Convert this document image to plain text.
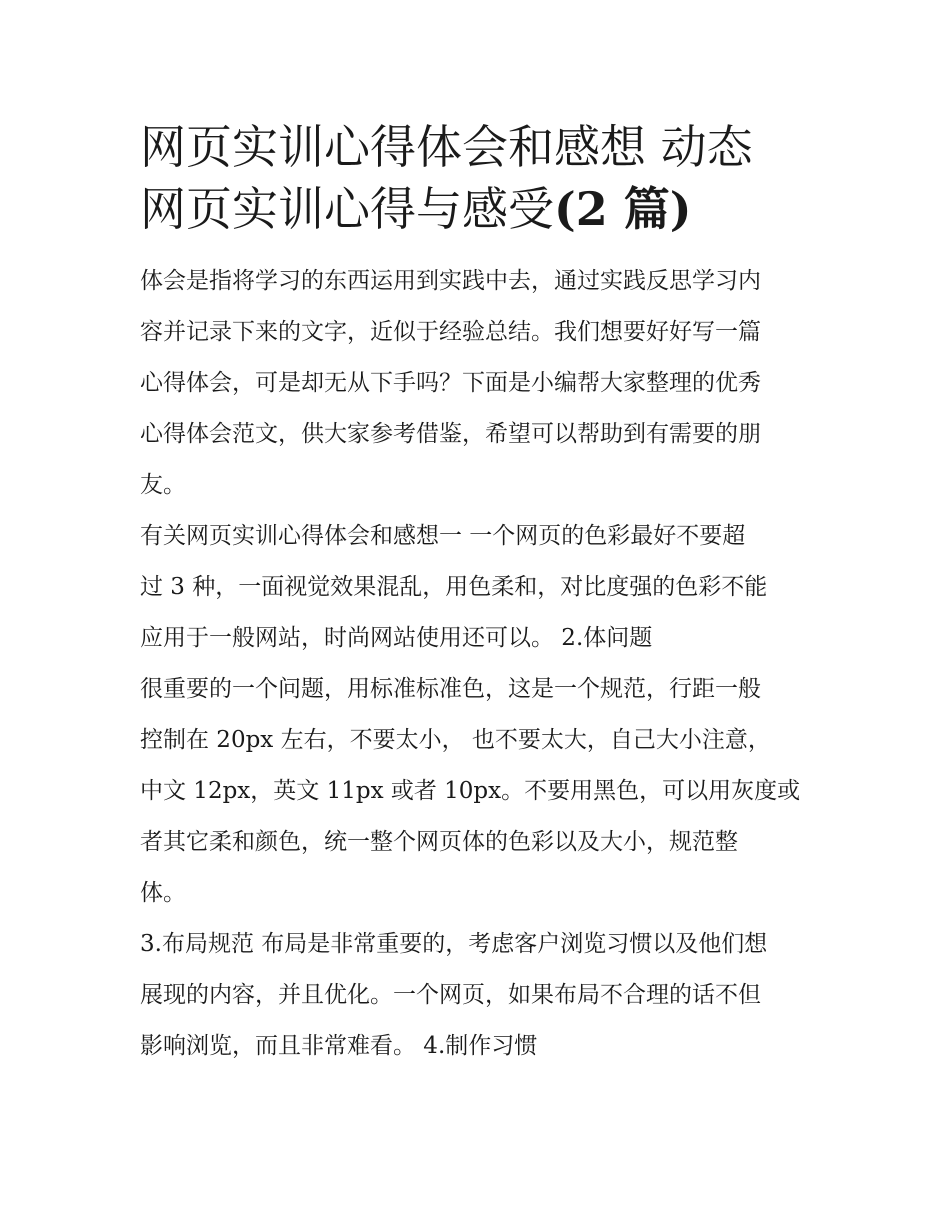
网页实训心得体会和感想 动态
网页实训心得与感受(2 篇)

体会是指将学习的东西运用到实践中去，通过实践反思学习内
容并记录下来的文字，近似于经验总结。我们想要好好写一篇
心得体会，可是却无从下手吗？下面是小编帮大家整理的优秀
心得体会范文，供大家参考借鉴，希望可以帮助到有需要的朋
友。

有关网页实训心得体会和感想一 一个网页的色彩最好不要超
过 3 种，一面视觉效果混乱，用色柔和，对比度强的色彩不能
应用于一般网站，时尚网站使用还可以。 2.体问题

很重要的一个问题，用标准标准色，这是一个规范，行距一般
控制在 20px 左右，不要太小， 也不要太大，自己大小注意，
中文 12px，英文 11px 或者 10px。不要用黑色，可以用灰度或
者其它柔和颜色，统一整个网页体的色彩以及大小，规范整
体。

3.布局规范 布局是非常重要的，考虑客户浏览习惯以及他们想
展现的内容，并且优化。一个网页，如果布局不合理的话不但
影响浏览，而且非常难看。 4.制作习惯
